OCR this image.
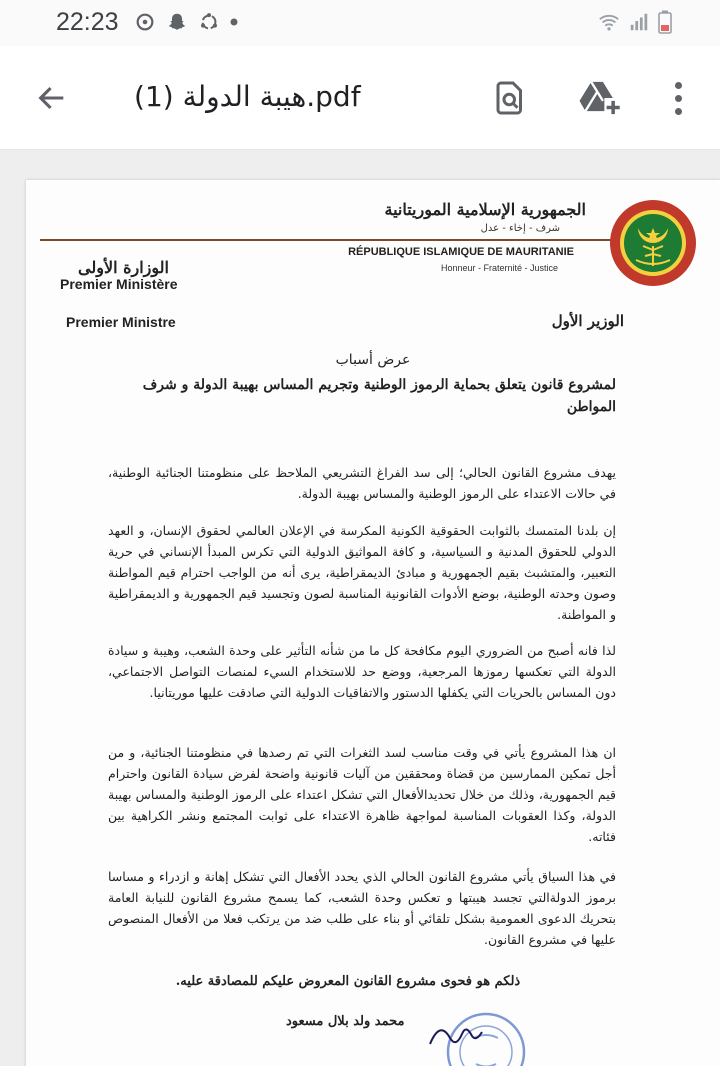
22:23
هيبة الدولة (1).pdf
الجمهورية الإسلامية الموريتانية
شرف - إخاء - عدل
RÉPUBLIQUE ISLAMIQUE DE MAURITANIE
Honneur - Fraternité - Justice
الوزارة الأولى
Premier Ministère
Premier Ministre	الوزير الأول
عرض أسباب
لمشروع قانون يتعلق بحماية الرموز الوطنية وتجريم المساس بهيبة الدولة و شرف المواطن
يهدف مشروع القانون الحالي؛ إلى سد الفراغ التشريعي الملاحظ على منظومتنا الجنائية الوطنية، في حالات الاعتداء على الرموز الوطنية والمساس بهيبة الدولة.
إن بلدنا المتمسك بالثوابت الحقوقية الكونية المكرسة في الإعلان العالمي لحقوق الإنسان، و العهد الدولي للحقوق المدنية و السياسية، و كافة المواثيق الدولية التي تكرس المبدأ الإنساني في حرية التعبير، والمتشبث بقيم الجمهورية و مبادئ الديمقراطية، يرى أنه من الواجب احترام قيم المواطنة وصون وحدته الوطنية، بوضع الأدوات القانونية المناسبة لصون وتجسيد قيم الجمهورية و الديمقراطية و المواطنة.
لذا فانه أصبح من الضروري اليوم مكافحة كل ما من شأنه التأثير على وحدة الشعب، وهيبة و سيادة الدولة التي تعكسها رموزها المرجعية، ووضع حد للاستخدام السيء لمنصات التواصل الاجتماعي، دون المساس بالحريات التي يكفلها الدستور والاتفاقيات الدولية التي صادقت عليها موريتانيا.
ان هذا المشروع يأتي في وقت مناسب لسد الثغرات التي تم رصدها في منظومتنا الجنائية، و من أجل تمكين الممارسين من قضاة ومحققين من آليات قانونية واضحة لفرض سيادة القانون واحترام قيم الجمهورية، وذلك من خلال تحديدالأفعال التي تشكل اعتداء على الرموز الوطنية والمساس بهيبة الدولة، وكذا العقوبات المناسبة لمواجهة ظاهرة الاعتداء على ثوابت المجتمع ونشر الكراهية بين فئاته.
في هذا السياق يأتي مشروع القانون الحالي الذي يحدد الأفعال التي تشكل إهانة و ازدراء و مساسا برموز الدولةالتي تجسد هيبتها و تعكس وحدة الشعب، كما يسمح مشروع القانون للنيابة العامة بتحريك الدعوى العمومية بشكل تلقائي أو بناء على طلب ضد من يرتكب فعلا من الأفعال المنصوص عليها في مشروع القانون.
ذلكم هو فحوى مشروع القانون المعروض عليكم للمصادقة عليه.
محمد ولد بلال مسعود
